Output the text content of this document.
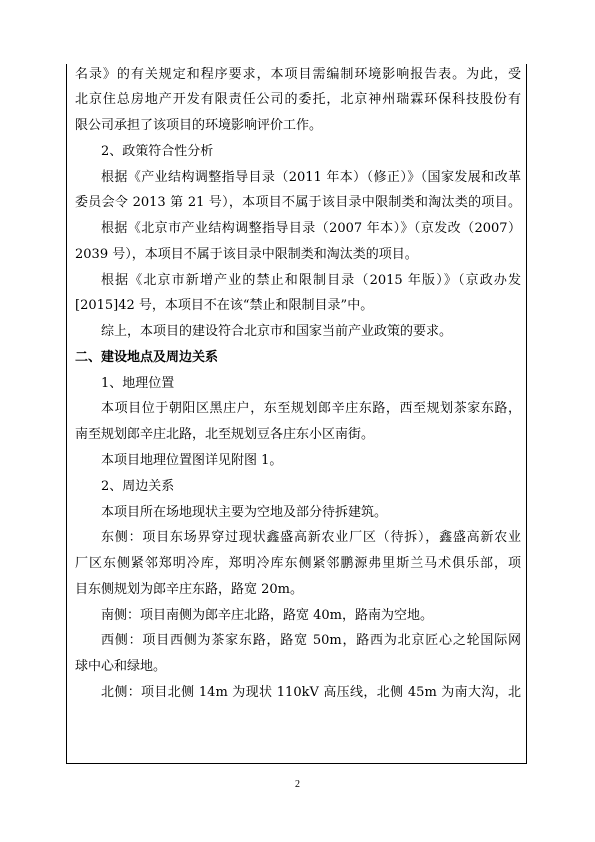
名录》的有关规定和程序要求，本项目需编制环境影响报告表。为此，受
北京住总房地产开发有限责任公司的委托，北京神州瑞霖环保科技股份有
限公司承担了该项目的环境影响评价工作。
2、政策符合性分析
根据《产业结构调整指导目录（2011 年本）（修正）》（国家发展和改革
委员会令 2013 第 21 号），本项目不属于该目录中限制类和淘汰类的项目。
根据《北京市产业结构调整指导目录（2007 年本）》（京发改（2007）
2039 号），本项目不属于该目录中限制类和淘汰类的项目。
根据《北京市新增产业的禁止和限制目录（2015 年版）》（京政办发
[2015]42 号，本项目不在该“禁止和限制目录”中。
综上，本项目的建设符合北京市和国家当前产业政策的要求。
二、建设地点及周边关系
1、地理位置
本项目位于朝阳区黑庄户，东至规划郎辛庄东路，西至规划茶家东路，
南至规划郎辛庄北路，北至规划豆各庄东小区南街。
本项目地理位置图详见附图 1。
2、周边关系
本项目所在场地现状主要为空地及部分待拆建筑。
东侧：项目东场界穿过现状鑫盛高新农业厂区（待拆），鑫盛高新农业
厂区东侧紧邻郑明冷库，郑明冷库东侧紧邻鹏源弗里斯兰马术俱乐部，项
目东侧规划为郎辛庄东路，路宽 20m。
南侧：项目南侧为郎辛庄北路，路宽 40m，路南为空地。
西侧：项目西侧为茶家东路，路宽 50m，路西为北京匠心之轮国际网
球中心和绿地。
北侧：项目北侧 14m 为现状 110kV 高压线，北侧 45m 为南大沟，北
2
